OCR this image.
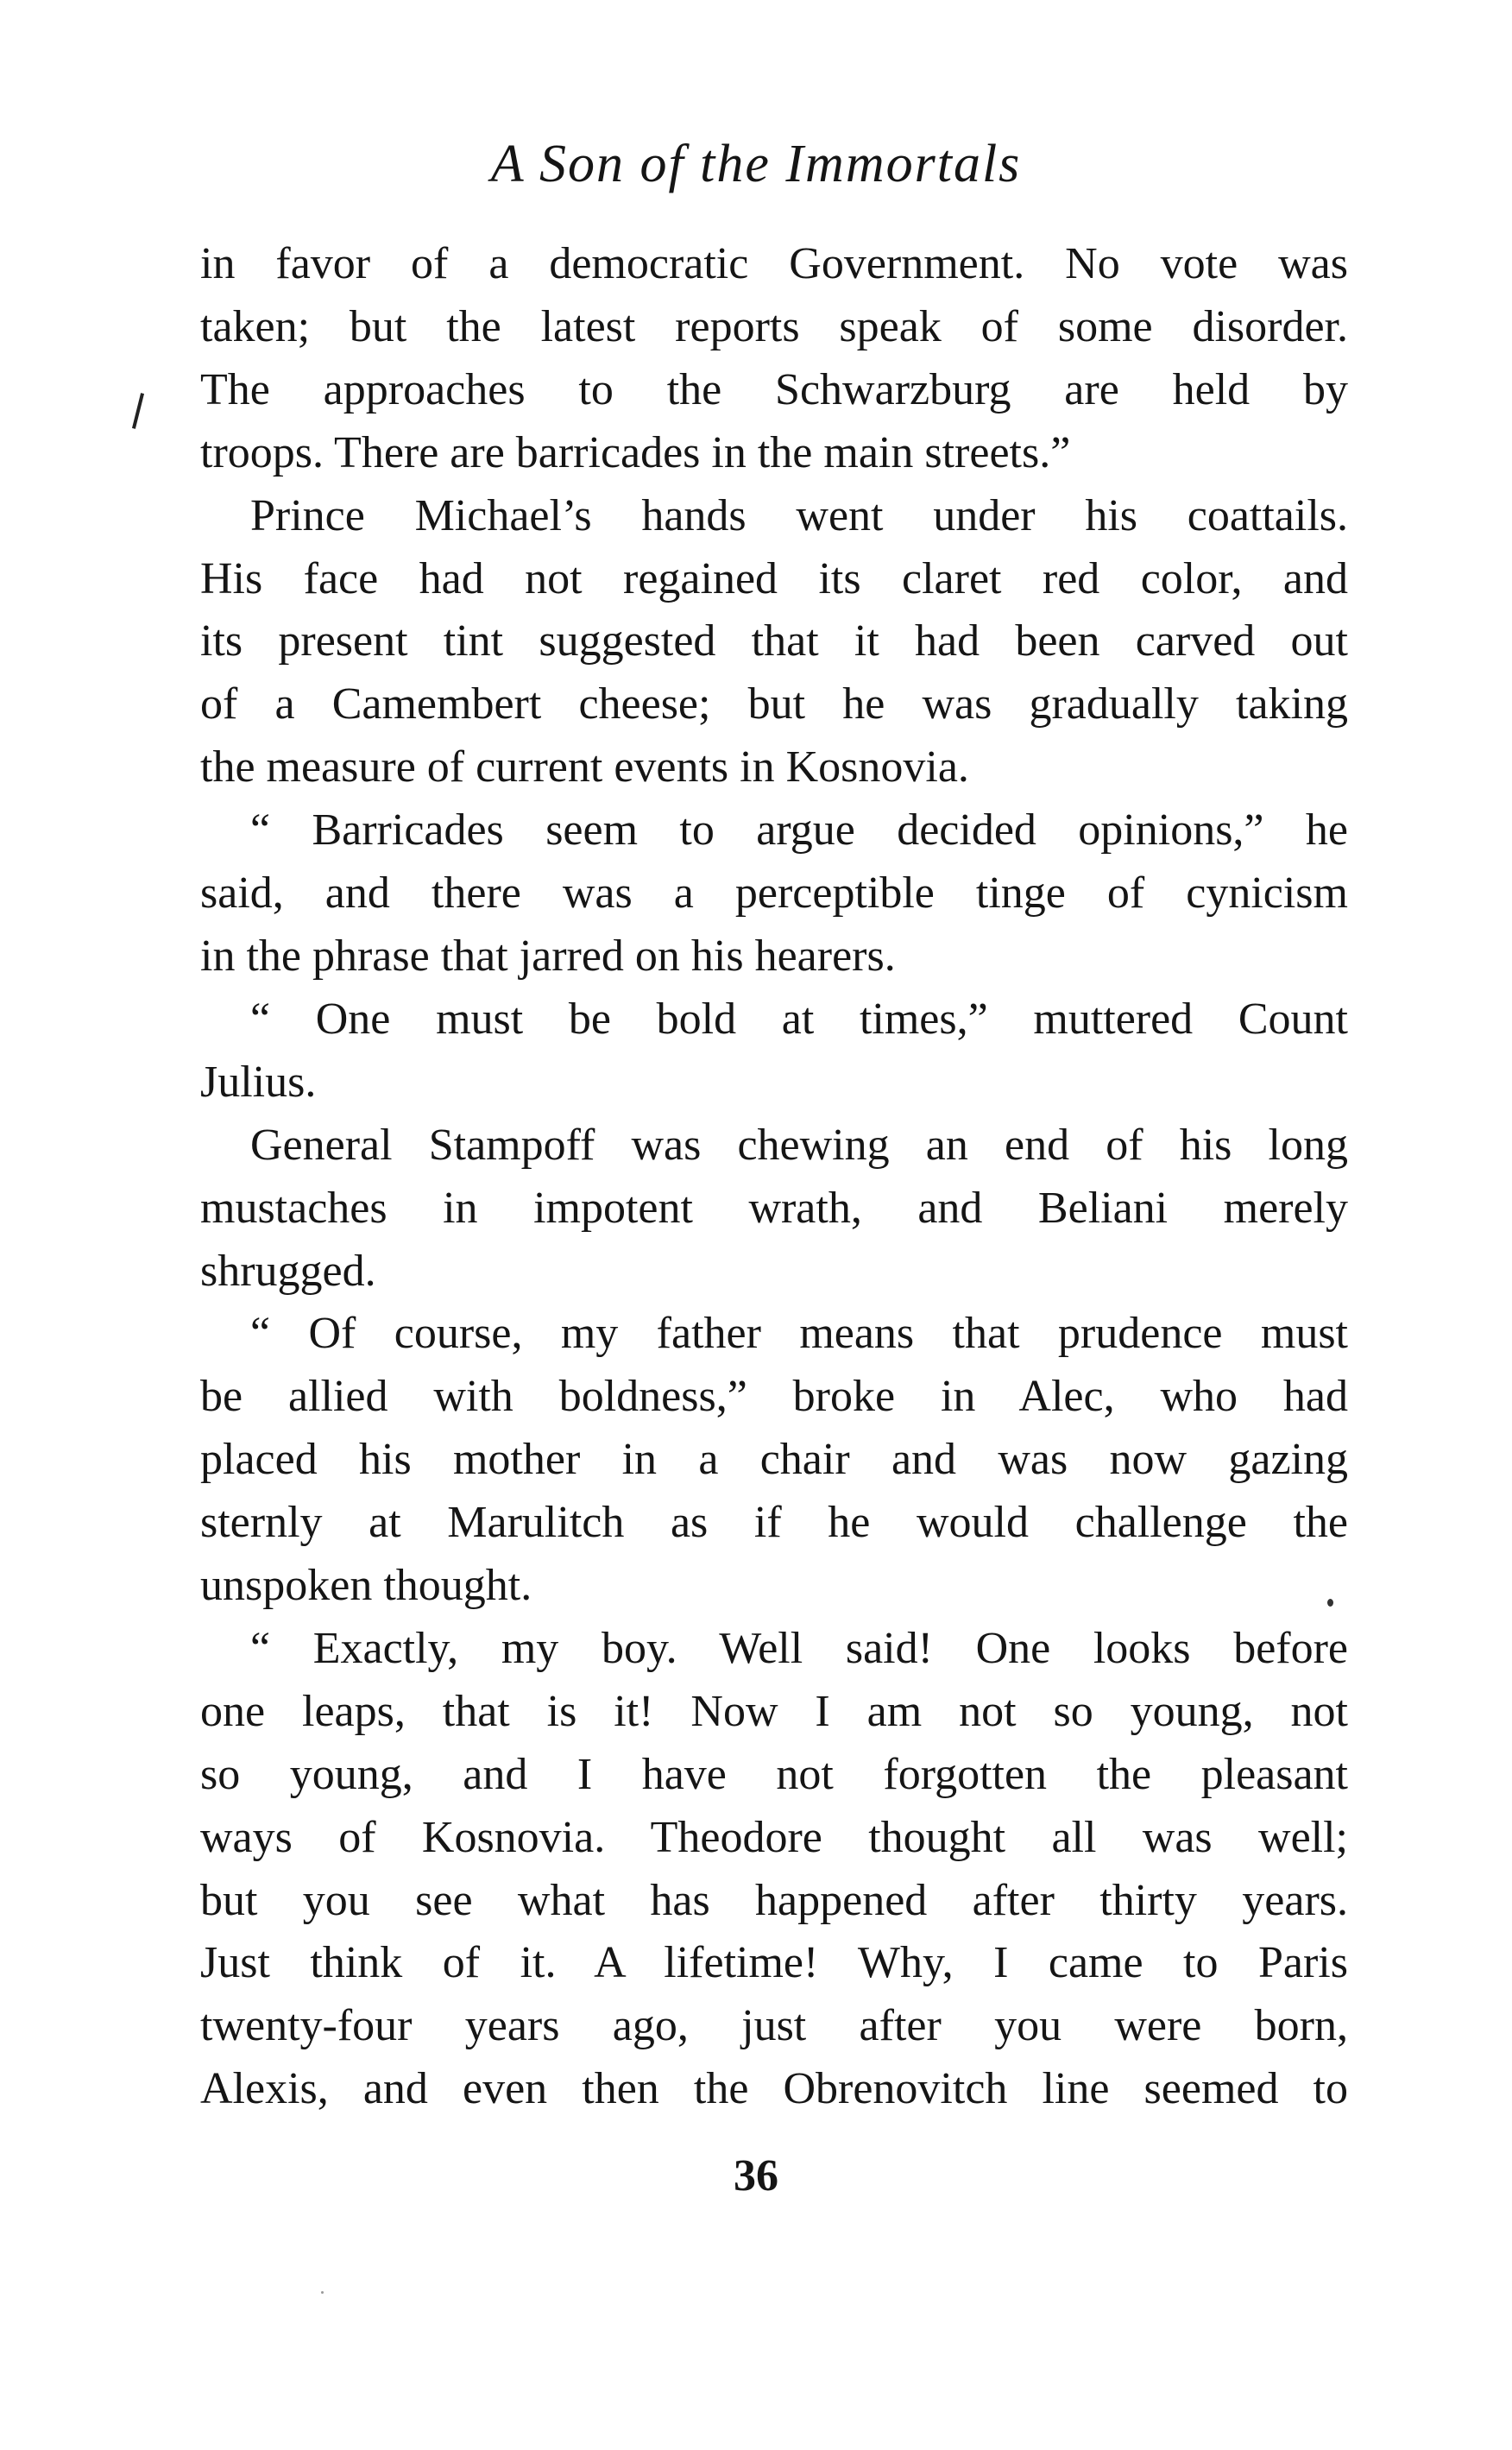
A Son of the Immortals
in favor of a democratic Government. No vote was
taken; but the latest reports speak of some disorder.
The approaches to the Schwarzburg are held by
troops. There are barricades in the main streets.”
Prince Michael’s hands went under his coattails.
His face had not regained its claret red color, and
its present tint suggested that it had been carved out
of a Camembert cheese; but he was gradually taking
the measure of current events in Kosnovia.
“ Barricades seem to argue decided opinions,” he
said, and there was a perceptible tinge of cynicism
in the phrase that jarred on his hearers.
“ One must be bold at times,” muttered Count
Julius.
General Stampoff was chewing an end of his long
mustaches in impotent wrath, and Beliani merely
shrugged.
“ Of course, my father means that prudence must
be allied with boldness,” broke in Alec, who had
placed his mother in a chair and was now gazing
sternly at Marulitch as if he would challenge the
unspoken thought.
“ Exactly, my boy. Well said! One looks before
one leaps, that is it! Now I am not so young, not
so young, and I have not forgotten the pleasant
ways of Kosnovia. Theodore thought all was well;
but you see what has happened after thirty years.
Just think of it. A lifetime! Why, I came to Paris
twenty-four years ago, just after you were born,
Alexis, and even then the Obrenovitch line seemed to
36
